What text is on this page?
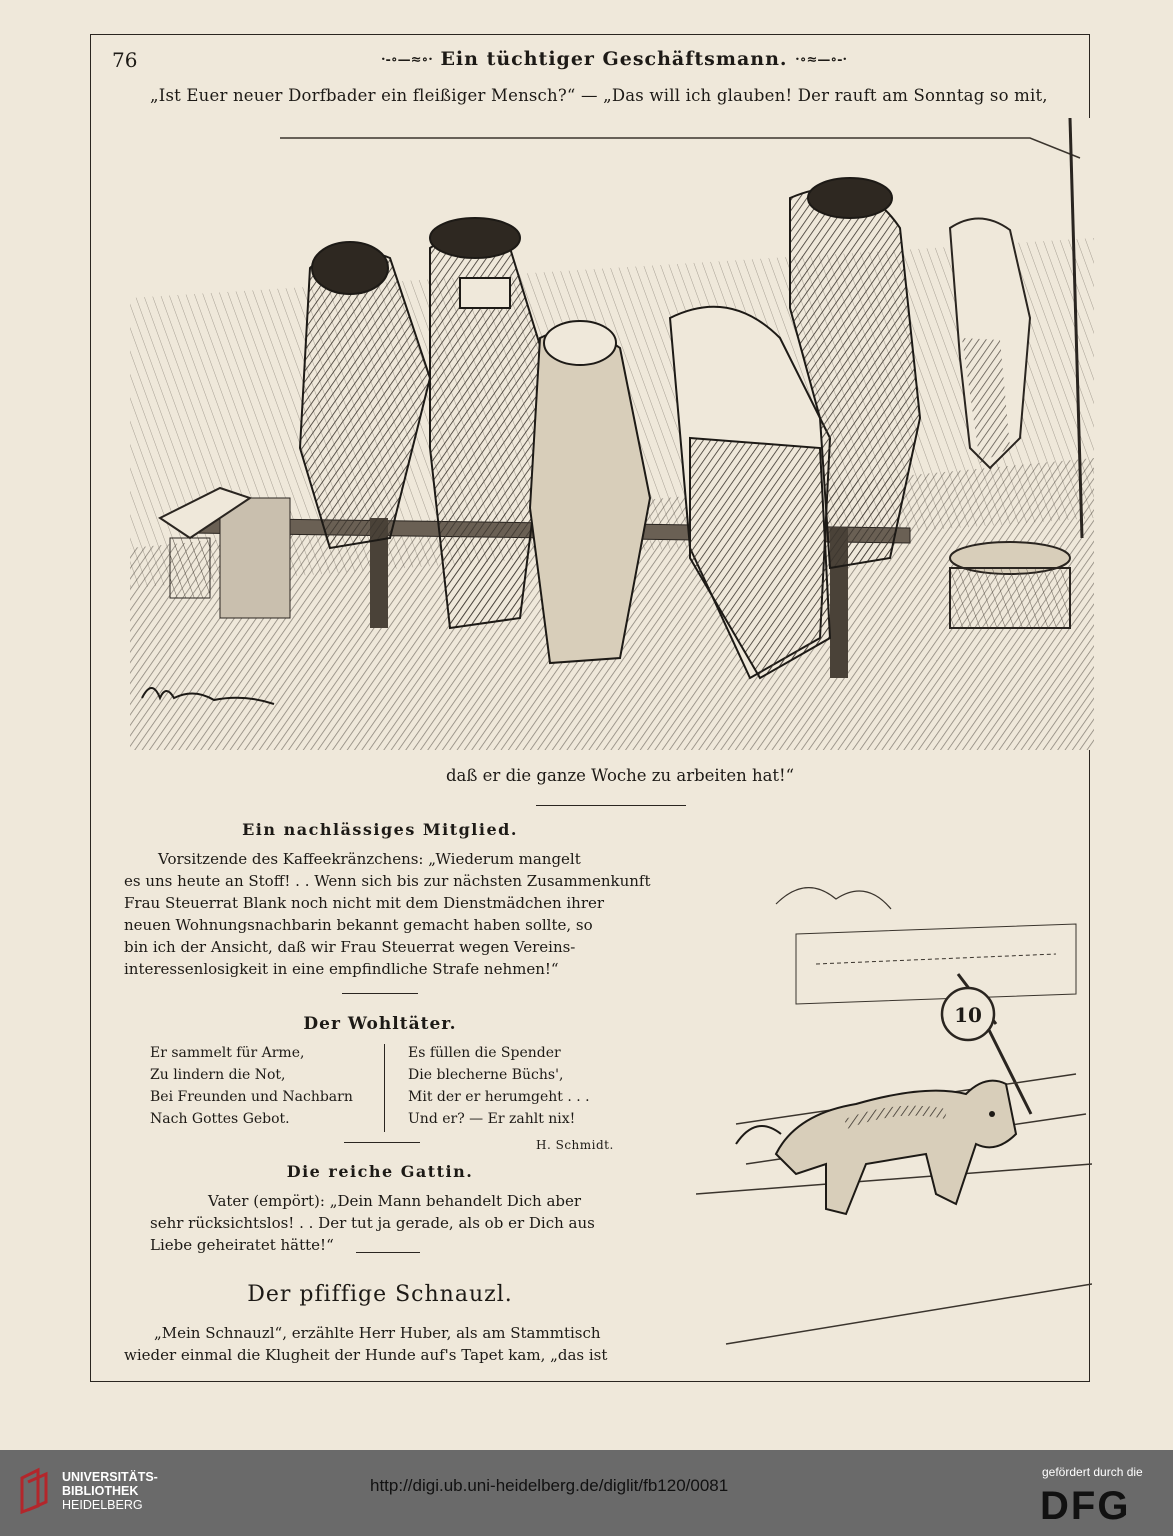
76	·-∘—≈∘· Ein tüchtiger Geschäftsmann. ·∘≈—∘-·
„Ist Euer neuer Dorfbader ein fleißiger Mensch?“ — „Das will ich glauben! Der rauft am Sonntag so mit,
daß er die ganze Woche zu arbeiten hat!“
Ein nachlässiges Mitglied.
Vorsitzende des Kaffeekränzchens: „Wiederum mangelt
es uns heute an Stoff! . . Wenn sich bis zur nächsten Zusammenkunft
Frau Steuerrat Blank noch nicht mit dem Dienstmädchen ihrer
neuen Wohnungsnachbarin bekannt gemacht haben sollte, so
bin ich der Ansicht, daß wir Frau Steuerrat wegen Vereins-
interessenlosigkeit in eine empfindliche Strafe nehmen!“
Der Wohltäter.
Er sammelt für Arme,
Zu lindern die Not,
Bei Freunden und Nachbarn
Nach Gottes Gebot.
Es füllen die Spender
Die blecherne Büchs',
Mit der er herumgeht . . .
Und er? — Er zahlt nix!
H. Schmidt.
Die reiche Gattin.
Vater (empört): „Dein Mann behandelt Dich aber
sehr rücksichtslos! . . Der tut ja gerade, als ob er Dich aus
Liebe geheiratet hätte!“
Der pfiffige Schnauzl.
„Mein Schnauzl“, erzählte Herr Huber, als am Stammtisch
wieder einmal die Klugheit der Hunde auf's Tapet kam, „das ist
10
UNIVERSITÄTS-
BIBLIOTHEK
HEIDELBERG
http://digi.ub.uni-heidelberg.de/diglit/fb120/0081
gefördert durch die
DFG
